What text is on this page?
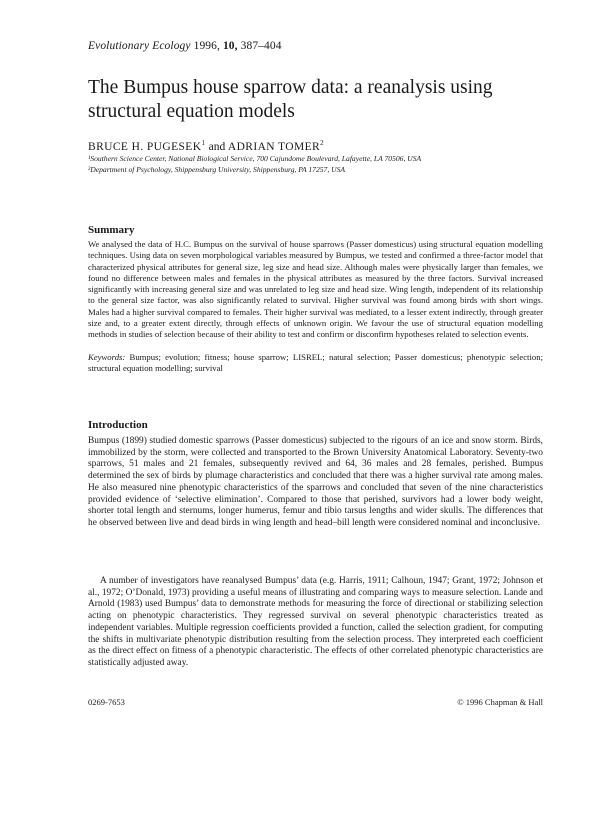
Evolutionary Ecology 1996, 10, 387–404
The Bumpus house sparrow data: a reanalysis using structural equation models
BRUCE H. PUGESEK$^1$ and ADRIAN TOMER$^2$
¹Southern Science Center, National Biological Service, 700 Cajundome Boulevard, Lafayette, LA 70506, USA
²Department of Psychology, Shippensburg University, Shippensburg, PA 17257, USA
Summary

We analysed the data of H.C. Bumpus on the survival of house sparrows (Passer domesticus) using structural equation modelling techniques. Using data on seven morphological variables measured by Bumpus, we tested and confirmed a three-factor model that characterized physical attributes for general size, leg size and head size. Although males were physically larger than females, we found no difference between males and females in the physical attributes as measured by the three factors. Survival increased significantly with increasing general size and was unrelated to leg size and head size. Wing length, independent of its relationship to the general size factor, was also significantly related to survival. Higher survival was found among birds with short wings. Males had a higher survival compared to females. Their higher survival was mediated, to a lesser extent indirectly, through greater size and, to a greater extent directly, through effects of unknown origin. We favour the use of structural equation modelling methods in studies of selection because of their ability to test and confirm or disconfirm hypotheses related to selection events.

Keywords: Bumpus; evolution; fitness; house sparrow; LISREL; natural selection; Passer domesticus; phenotypic selection; structural equation modelling; survival

Introduction

Bumpus (1899) studied domestic sparrows (Passer domesticus) subjected to the rigours of an ice and snow storm. Birds, immobilized by the storm, were collected and transported to the Brown University Anatomical Laboratory. Seventy-two sparrows, 51 males and 21 females, subsequently revived and 64, 36 males and 28 females, perished. Bumpus determined the sex of birds by plumage characteristics and concluded that there was a higher survival rate among males. He also measured nine phenotypic characteristics of the sparrows and concluded that seven of the nine characteristics provided evidence of ‘selective elimination’. Compared to those that perished, survivors had a lower body weight, shorter total length and sternums, longer humerus, femur and tibio tarsus lengths and wider skulls. The differences that he observed between live and dead birds in wing length and head–bill length were considered nominal and inconclusive.

A number of investigators have reanalysed Bumpus’ data (e.g. Harris, 1911; Calhoun, 1947; Grant, 1972; Johnson et al., 1972; O’Donald, 1973) providing a useful means of illustrating and comparing ways to measure selection. Lande and Arnold (1983) used Bumpus’ data to demonstrate methods for measuring the force of directional or stabilizing selection acting on phenotypic characteristics. They regressed survival on several phenotypic characteristics treated as independent variables. Multiple regression coefficients provided a function, called the selection gradient, for computing the shifts in multivariate phenotypic distribution resulting from the selection process. They interpreted each coefficient as the direct effect on fitness of a phenotypic characteristic. The effects of other correlated phenotypic characteristics are statistically adjusted away.

0269-7653	© 1996 Chapman & Hall
